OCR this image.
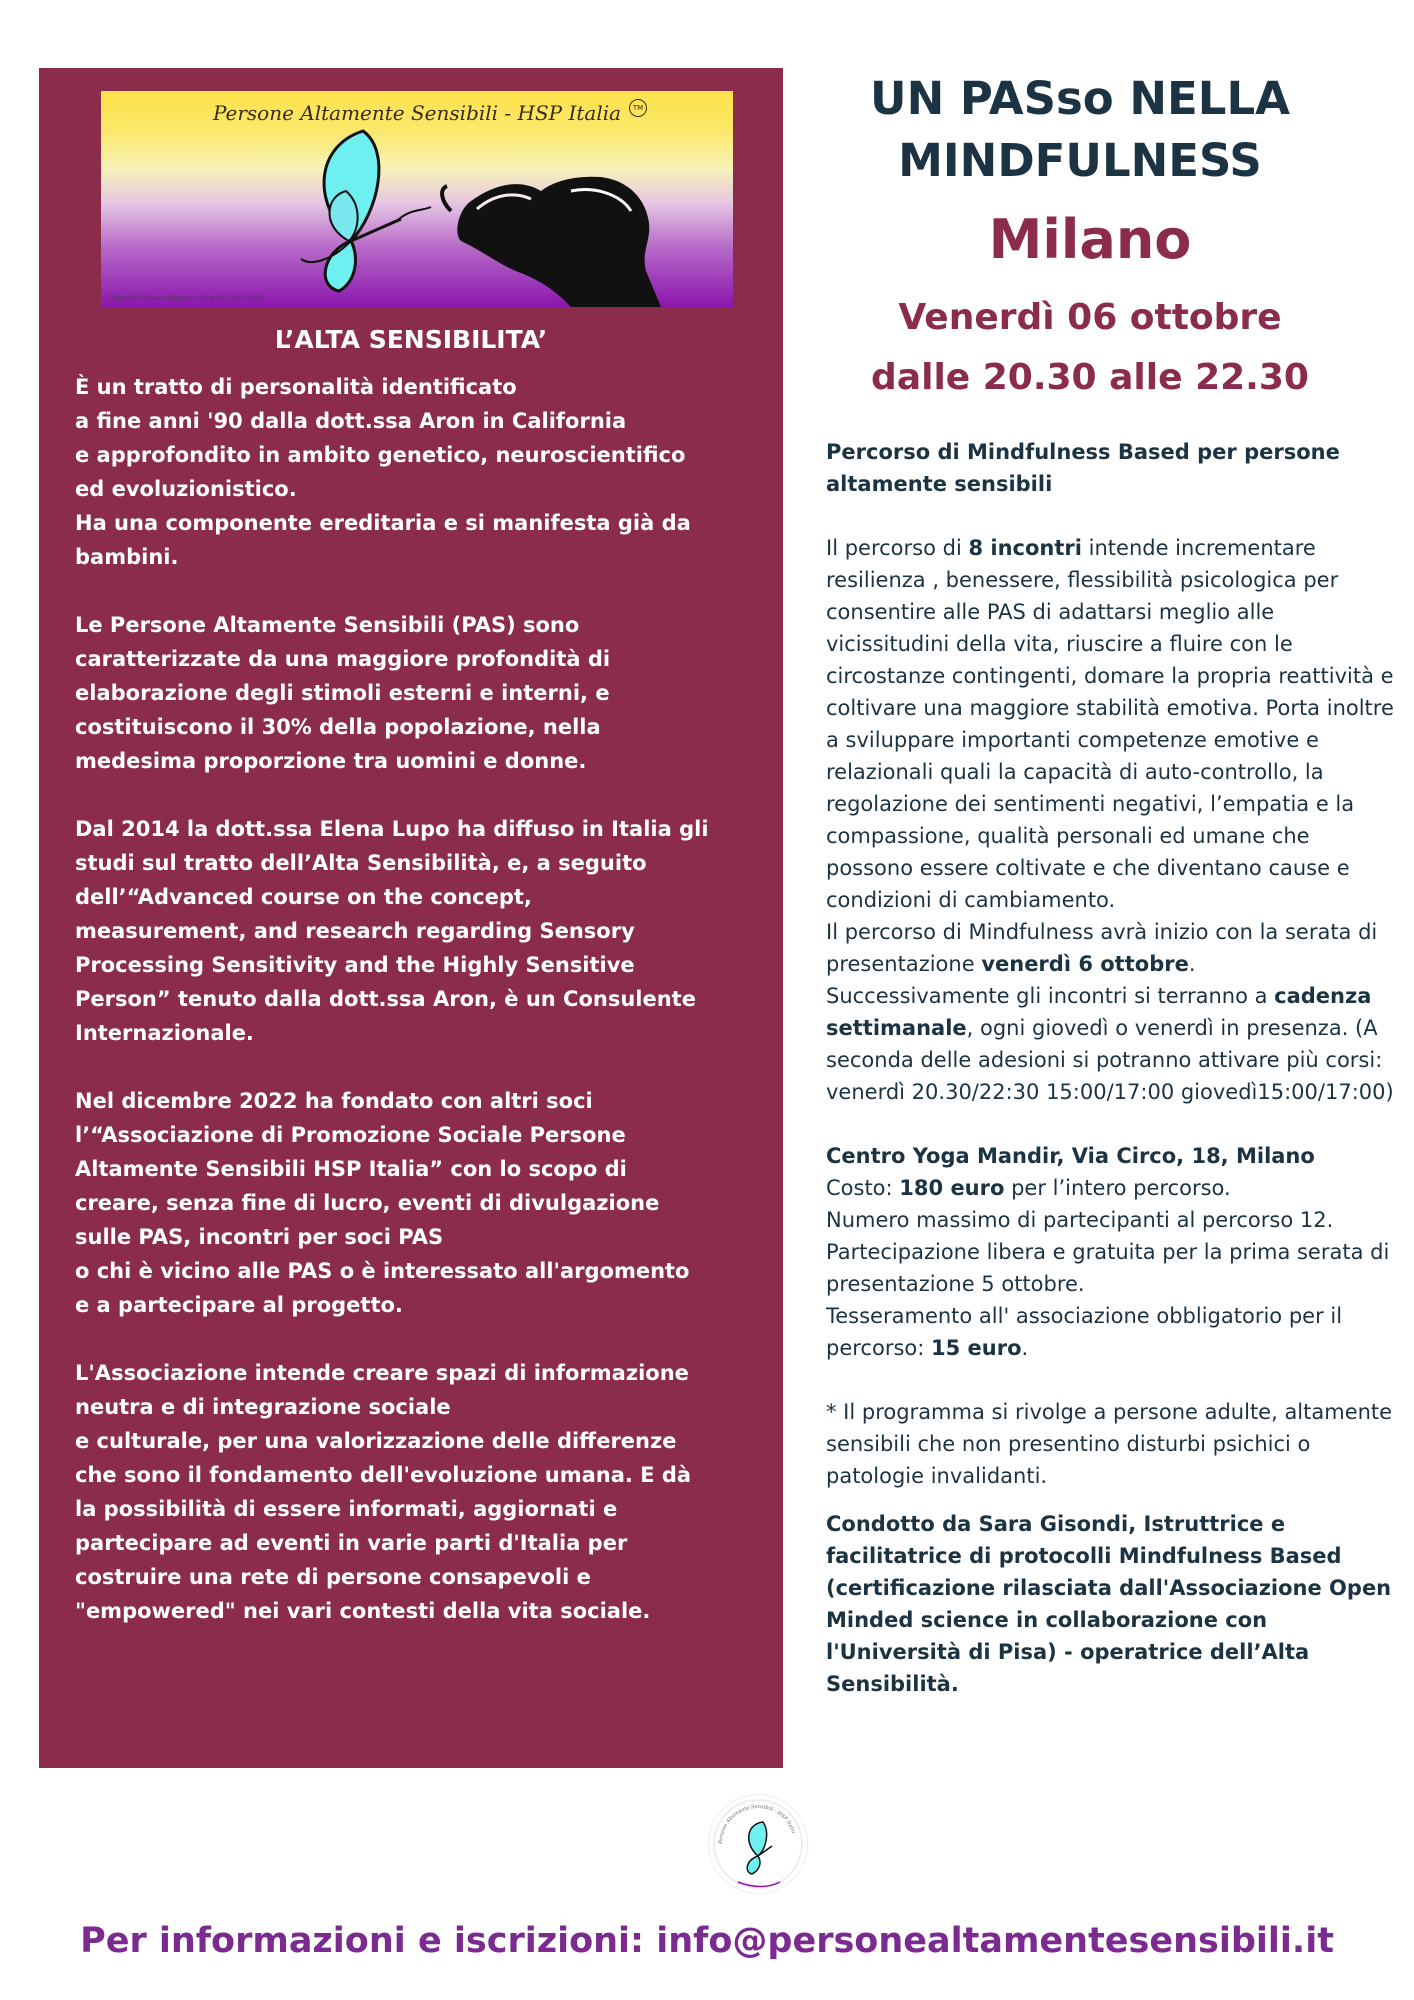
Persone Altamente Sensibili - HSP Italia	TM
Copyright Persone Altamente Sensibili - HSP Italia
L’ALTA SENSIBILITA’

È un tratto di personalità identificato
a fine anni '90 dalla dott.ssa Aron in California
e approfondito in ambito genetico, neuroscientifico
ed evoluzionistico.
Ha una componente ereditaria e si manifesta già da
bambini.

Le Persone Altamente Sensibili (PAS) sono
caratterizzate da una maggiore profondità di
elaborazione degli stimoli esterni e interni, e
costituiscono il 30% della popolazione, nella
medesima proporzione tra uomini e donne.

Dal 2014 la dott.ssa Elena Lupo ha diffuso in Italia gli
studi sul tratto dell’Alta Sensibilità, e, a seguito
dell’“Advanced course on the concept,
measurement, and research regarding Sensory
Processing Sensitivity and the Highly Sensitive
Person” tenuto dalla dott.ssa Aron, è un Consulente
Internazionale.

Nel dicembre 2022 ha fondato con altri soci
l’“Associazione di Promozione Sociale Persone
Altamente Sensibili HSP Italia” con lo scopo di
creare, senza fine di lucro, eventi di divulgazione
sulle PAS, incontri per soci PAS
o chi è vicino alle PAS o è interessato all'argomento
e a partecipare al progetto.

L'Associazione intende creare spazi di informazione
neutra e di integrazione sociale
e culturale, per una valorizzazione delle differenze
che sono il fondamento dell'evoluzione umana. E dà
la possibilità di essere informati, aggiornati e
partecipare ad eventi in varie parti d'Italia per
costruire una rete di persone consapevoli e
"empowered" nei vari contesti della vita sociale.

UN PASso NELLA
MINDFULNESS
Milano
Venerdì 06 ottobre
dalle 20.30 alle 22.30

Percorso di Mindfulness Based per persone altamente sensibili

Il percorso di 8 incontri intende incrementare resilienza , benessere, flessibilità psicologica per consentire alle PAS di adattarsi meglio alle vicissitudini della vita, riuscire a fluire con le circostanze contingenti, domare la propria reattività e coltivare una maggiore stabilità emotiva. Porta inoltre a sviluppare importanti competenze emotive e relazionali quali la capacità di auto-controllo, la regolazione dei sentimenti negativi, l’empatia e la compassione, qualità personali ed umane che possono essere coltivate e che diventano cause e condizioni di cambiamento.
Il percorso di Mindfulness avrà inizio con la serata di presentazione venerdì 6 ottobre.
Successivamente gli incontri si terranno a cadenza settimanale, ogni giovedì o venerdì in presenza. (A seconda delle adesioni si potranno attivare più corsi: venerdì 20.30/22:30 15:00/17:00 giovedì15:00/17:00)
Centro Yoga Mandir, Via Circo, 18, Milano
Costo: 180 euro per l’intero percorso.
Numero massimo di partecipanti al percorso 12. Partecipazione libera e gratuita per la prima serata di presentazione 5 ottobre.
Tesseramento all' associazione obbligatorio per il percorso: 15 euro.

* Il programma si rivolge a persone adulte, altamente sensibili che non presentino disturbi psichici o patologie invalidanti.

Condotto da Sara Gisondi, Istruttrice e facilitatrice di protocolli Mindfulness Based (certificazione rilasciata dall'Associazione Open Minded science in collaborazione con l'Università di Pisa) - operatrice dell’Alta Sensibilità.

Persone Altamente Sensibili - HSP Italia
Per informazioni e iscrizioni: info@personealtamentesensibili.it
